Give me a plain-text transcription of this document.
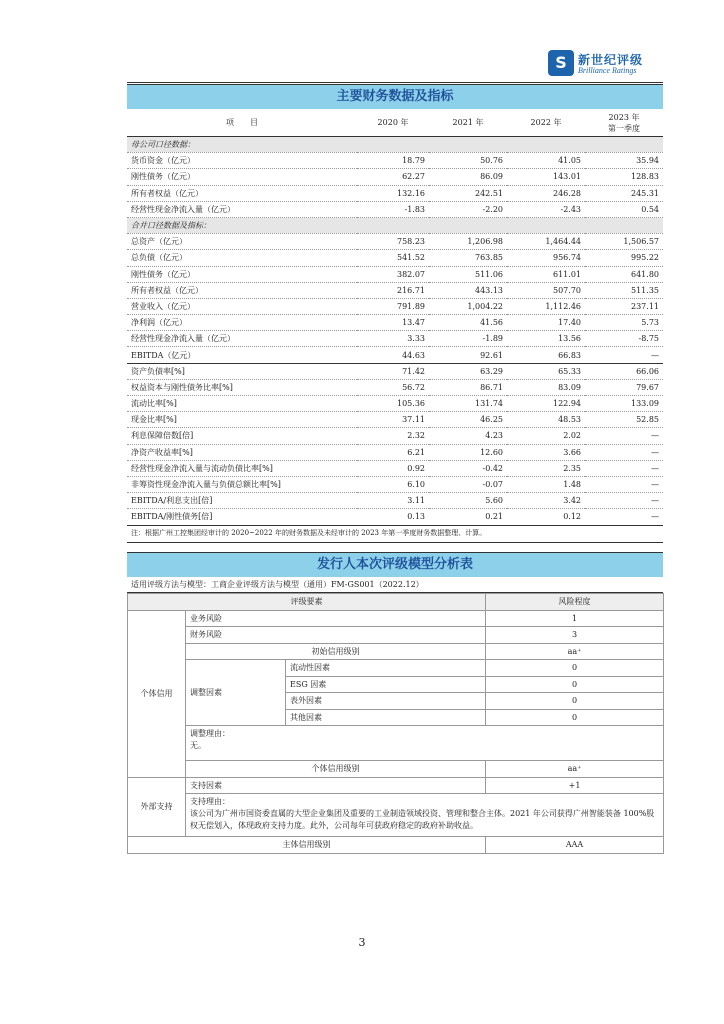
S 新世纪评级
Brilliance Ratings
主要财务数据及指标
项　　目	2020 年	2021 年	2022 年	2023 年
第一季度
母公司口径数据：				
货币资金（亿元）	18.79	50.76	41.05	35.94
刚性债务（亿元）	62.27	86.09	143.01	128.83
所有者权益（亿元）	132.16	242.51	246.28	245.31
经营性现金净流入量（亿元）	-1.83	-2.20	-2.43	0.54
合并口径数据及指标：				
总资产（亿元）	758.23	1,206.98	1,464.44	1,506.57
总负债（亿元）	541.52	763.85	956.74	995.22
刚性债务（亿元）	382.07	511.06	611.01	641.80
所有者权益（亿元）	216.71	443.13	507.70	511.35
营业收入（亿元）	791.89	1,004.22	1,112.46	237.11
净利润（亿元）	13.47	41.56	17.40	5.73
经营性现金净流入量（亿元）	3.33	-1.89	13.56	-8.75
EBITDA（亿元）	44.63	92.61	66.83	—
资产负债率[%]	71.42	63.29	65.33	66.06
权益资本与刚性债务比率[%]	56.72	86.71	83.09	79.67
流动比率[%]	105.36	131.74	122.94	133.09
现金比率[%]	37.11	46.25	48.53	52.85
利息保障倍数[倍]	2.32	4.23	2.02	—
净资产收益率[%]	6.21	12.60	3.66	—
经营性现金净流入量与流动负债比率[%]	0.92	-0.42	2.35	—
非筹资性现金净流入量与负债总额比率[%]	6.10	-0.07	1.48	—
EBITDA/利息支出[倍]	3.11	5.60	3.42	—
EBITDA/刚性债务[倍]	0.13	0.21	0.12	—
注：根据广州工控集团经审计的 2020~2022 年的财务数据及未经审计的 2023 年第一季度财务数据整理、计算。
发行人本次评级模型分析表
适用评级方法与模型：工商企业评级方法与模型（通用）FM-GS001（2022.12）
评级要素			风险程度
个体信用	业务风险		1
	财务风险		3
	初始信用级别		aa⁺
	调整因素	流动性因素	0
		ESG 因素	0
		表外因素	0
		其他因素	0

	调整理由：
无。		

	个体信用级别		aa⁺
外部支持	支持因素		+1

	支持理由：
该公司为广州市国资委直属的大型企业集团及重要的工业制造领域投资、管理和整合主体。2021 年公司获得广州智能装备 100%股权无偿划入，体现政府支持力度。此外，公司每年可获政府稳定的政府补助收益。		

主体信用级别			AAA
3
